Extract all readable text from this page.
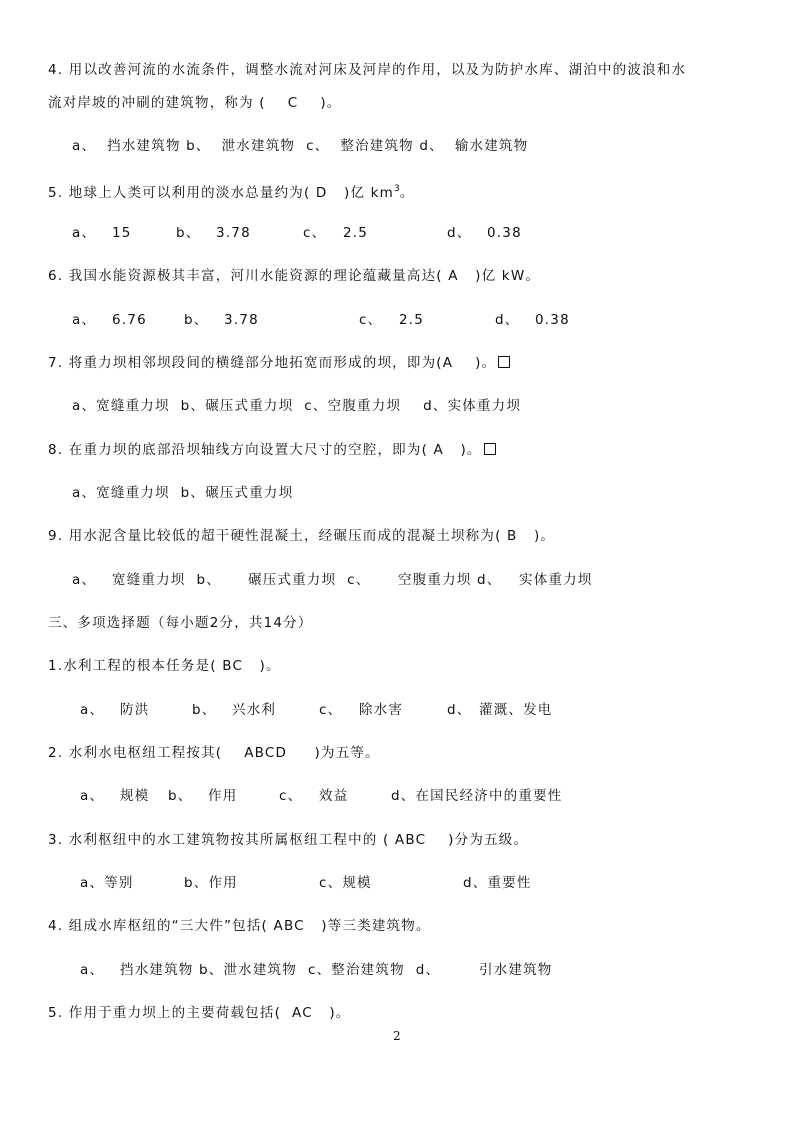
4. 用以改善河流的水流条件，调整水流对河床及河岸的作用，以及为防护水库、湖泊中的波浪和水
流对岸坡的冲刷的建筑物，称为 (    C    )。
a、  挡水建筑物 b、  泄水建筑物  c、  整治建筑物 d、  输水建筑物
5. 地球上人类可以利用的淡水总量约为( D   )亿 $km^3$。
a、 15	b、 3.78	c、 2.5	d、 0.38
6. 我国水能资源极其丰富，河川水能资源的理论蕴藏量高达( A   )亿 kW。
a、 6.76	b、 3.78	c、 2.5	d、 0.38
7. 将重力坝相邻坝段间的横缝部分地拓宽而形成的坝，即为(A    )。
a、宽缝重力坝  b、碾压式重力坝  c、空腹重力坝    d、实体重力坝
8. 在重力坝的底部沿坝轴线方向设置大尺寸的空腔，即为( A   )。
a、宽缝重力坝  b、碾压式重力坝
9. 用水泥含量比较低的超干硬性混凝土，经碾压而成的混凝土坝称为( B   )。
a、 宽缝重力坝  b、 碾压式重力坝  c、 空腹重力坝 d、 实体重力坝
三、多项选择题（每小题2分，共14分）
1.水利工程的根本任务是( BC   )。
a、 防洪	b、 兴水利	c、 除水害	d、 灌溉、发电
2. 水利水电枢纽工程按其(    ABCD     )为五等。
a、 规模 b、 作用	c、 效益	d、在国民经济中的重要性
3. 水利枢纽中的水工建筑物按其所属枢纽工程中的 ( ABC    )分为五级。
a、等别	b、作用	c、规模	d、重要性
4. 组成水库枢纽的“三大件”包括( ABC   )等三类建筑物。
a、 挡水建筑物 b、泄水建筑物  c、整治建筑物  d、	引水建筑物
5. 作用于重力坝上的主要荷载包括(  AC   )。
2
